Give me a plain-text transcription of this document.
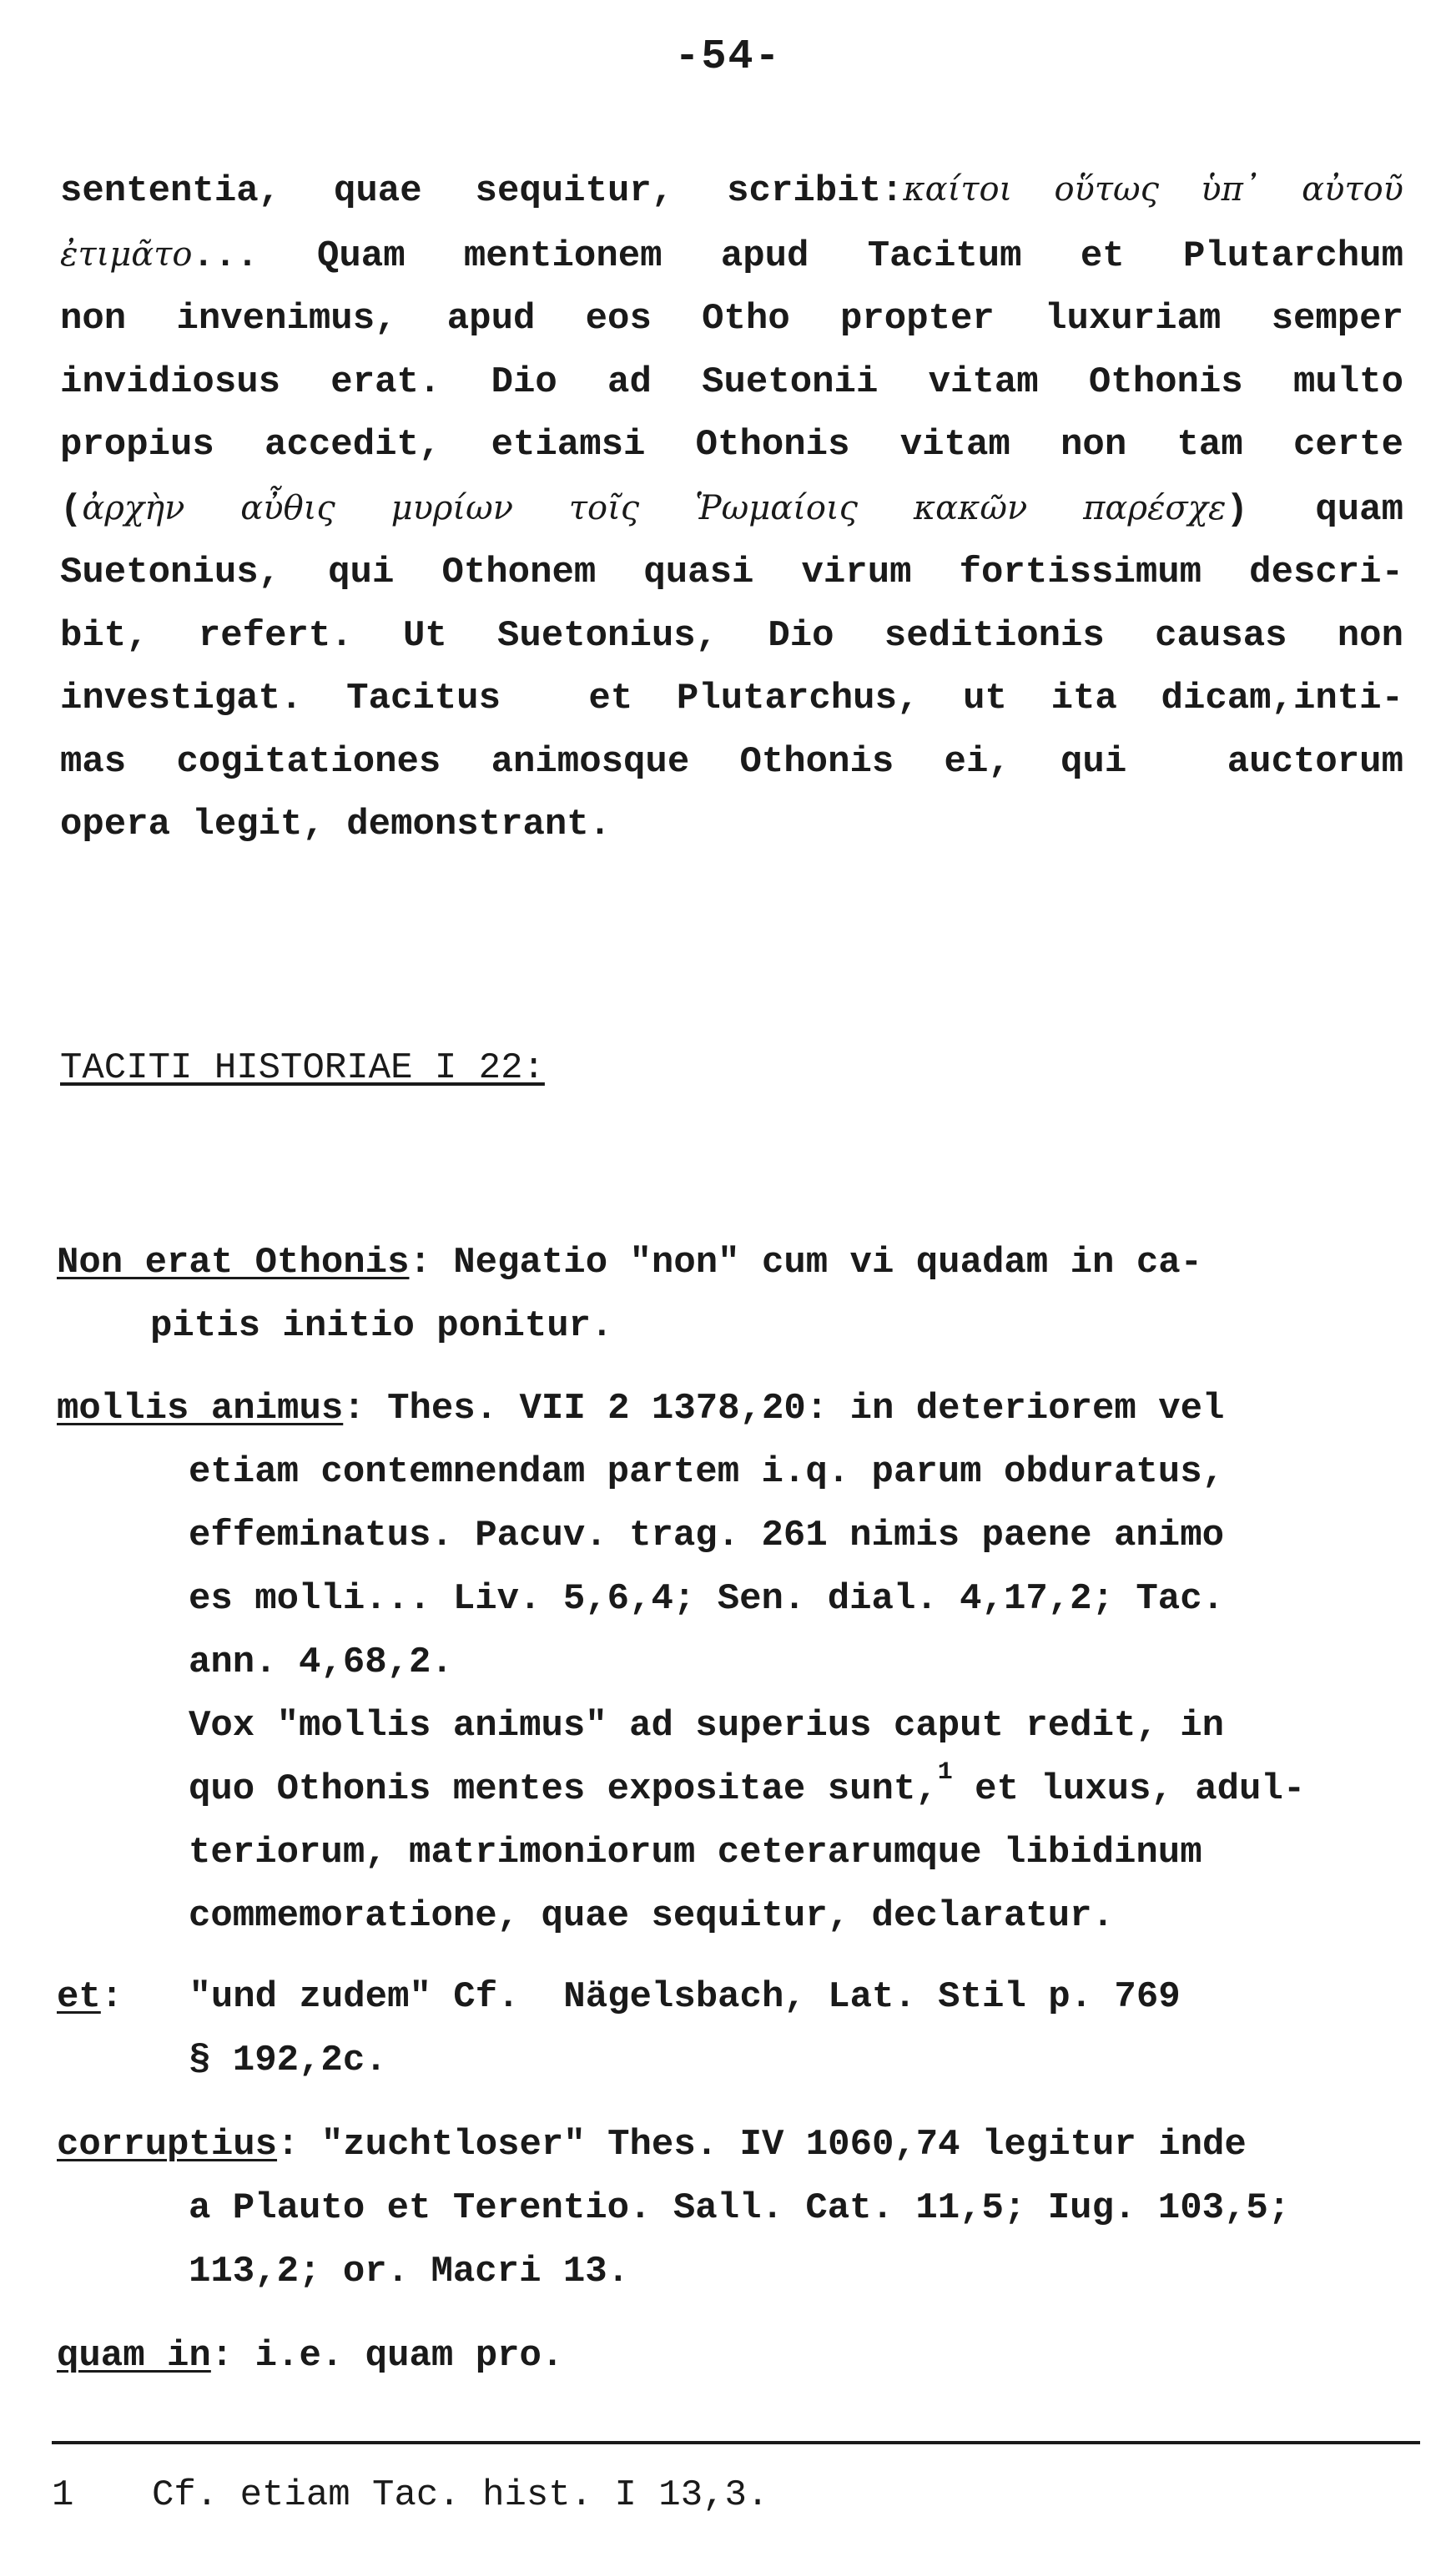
-54-
sententia, quae sequitur, scribit:καίτοι οὕτως ὑπ᾽ αὐτοῦ
ἐτιμᾶτο... Quam mentionem apud Tacitum et Plutarchum
non invenimus, apud eos Otho propter luxuriam semper
invidiosus erat. Dio ad Suetonii vitam Othonis multo
propius accedit, etiamsi Othonis vitam non tam certe
(ἀρχὴν αὖθις μυρίων τοῖς Ῥωμαίοις κακῶν παρέσχε) quam
Suetonius, qui Othonem quasi virum fortissimum descri-
bit, refert. Ut Suetonius, Dio seditionis causas non
investigat. Tacitus  et Plutarchus, ut ita dicam,inti-
mas cogitationes animosque Othonis ei, qui  auctorum
opera legit, demonstrant.
TACITI HISTORIAE I 22:
Non erat Othonis: Negatio "non" cum vi quadam in ca-
pitis initio ponitur.
mollis animus: Thes. VII 2 1378,20: in deteriorem vel
etiam contemnendam partem i.q. parum obduratus,
effeminatus. Pacuv. trag. 261 nimis paene animo
es molli... Liv. 5,6,4; Sen. dial. 4,17,2; Tac.
ann. 4,68,2.
Vox "mollis animus" ad superius caput redit, in
quo Othonis mentes expositae sunt,$^1$ et luxus, adul-
teriorum, matrimoniorum ceterarumque libidinum
commemoratione, quae sequitur, declaratur.
et:   "und zudem" Cf.  Nägelsbach, Lat. Stil p. 769
§ 192,2c.
corruptius: "zuchtloser" Thes. IV 1060,74 legitur inde
a Plauto et Terentio. Sall. Cat. 11,5; Iug. 103,5;
113,2; or. Macri 13.
quam in: i.e. quam pro.
1 Cf. etiam Tac. hist. I 13,3.
